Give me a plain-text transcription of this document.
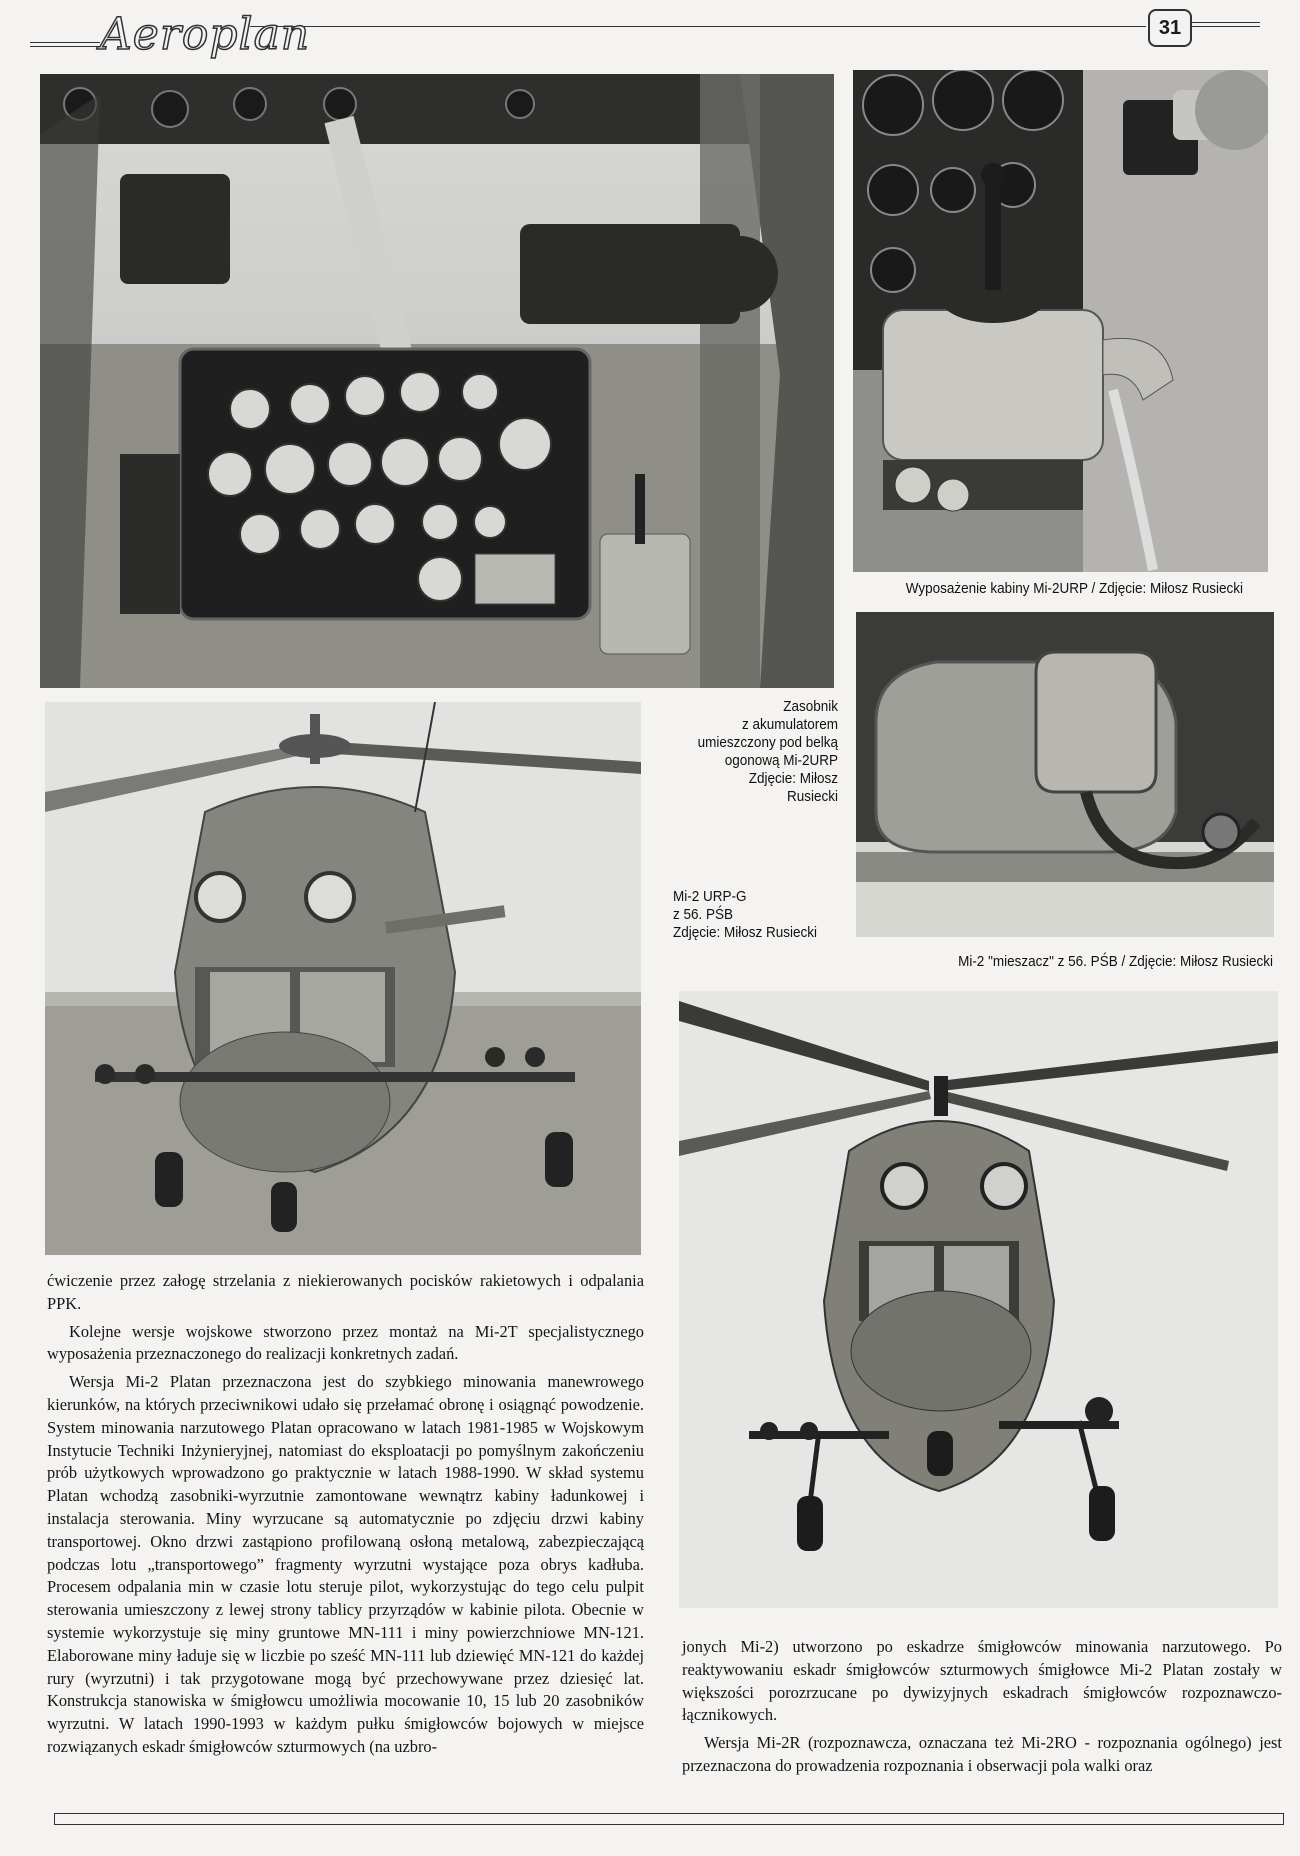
Aeroplan	31
Wyposażenie kabiny Mi-2URP / Zdjęcie: Miłosz Rusiecki
Zasobnik
z akumulatorem
umieszczony pod belką
ogonową Mi-2URP
Zdjęcie: Miłosz
Rusiecki
Mi-2 URP-G
z 56. PŚB
Zdjęcie: Miłosz Rusiecki
Mi-2 "mieszacz" z 56. PŚB / Zdjęcie: Miłosz Rusiecki

ćwiczenie przez załogę strzelania z niekierowanych pocisków rakietowych i odpalania PPK.

Kolejne wersje wojskowe stworzono przez montaż na Mi-2T specjalistycznego wyposażenia przeznaczonego do realizacji konkretnych zadań.

Wersja Mi-2 Platan przeznaczona jest do szybkiego minowania manewrowego kierunków, na których przeciwnikowi udało się przełamać obronę i osiągnąć powodzenie. System minowania narzutowego Platan opracowano w latach 1981-1985 w Wojskowym Instytucie Techniki Inżynieryjnej, natomiast do eksploatacji po pomyślnym zakończeniu prób użytkowych wprowadzono go praktycznie w latach 1988-1990. W skład systemu Platan wchodzą zasobniki-wyrzutnie zamontowane wewnątrz kabiny ładunkowej i instalacja sterowania. Miny wyrzucane są automatycznie po zdjęciu drzwi kabiny transportowej. Okno drzwi zastąpiono profilowaną osłoną metalową, zabezpieczającą podczas lotu „transportowego” fragmenty wyrzutni wystające poza obrys kadłuba. Procesem odpalania min w czasie lotu steruje pilot, wykorzystując do tego celu pulpit sterowania umieszczony z lewej strony tablicy przyrządów w kabinie pilota. Obecnie w systemie wykorzystuje się miny gruntowe MN-111 i miny powierzchniowe MN-121. Elaborowane miny ładuje się w liczbie po sześć MN-111 lub dziewięć MN-121 do każdej rury (wyrzutni) i tak przygotowane mogą być przechowywane przez dziesięć lat. Konstrukcja stanowiska w śmigłowcu umożliwia mocowanie 10, 15 lub 20 zasobników wyrzutni. W latach 1990-1993 w każdym pułku śmigłowców bojowych w miejsce rozwiązanych eskadr śmigłowców szturmowych (na uzbro-

jonych Mi-2) utworzono po eskadrze śmigłowców minowania narzutowego. Po reaktywowaniu eskadr śmigłowców szturmowych śmigłowce Mi-2 Platan zostały w większości porozrzucane po dywizyjnych eskadrach śmigłowców rozpoznawczo-łącznikowych.

Wersja Mi-2R (rozpoznawcza, oznaczana też Mi-2RO - rozpoznania ogólnego) jest przeznaczona do prowadzenia rozpoznania i obserwacji pola walki oraz
